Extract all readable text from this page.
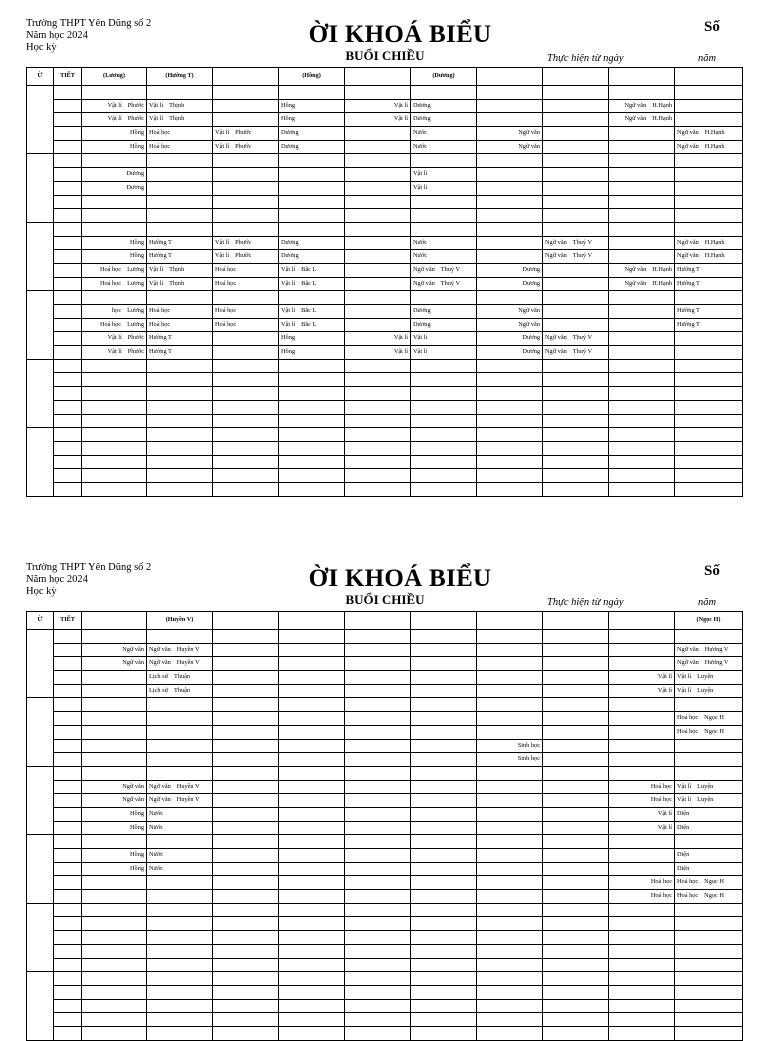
Trường THPT Yên Dũng số 2
Năm học 2024
Học kỳ	ỜI KHOÁ BIỂU
BUỔI CHIỀU
Số
Thực hiện từ ngày	năm
Ừ	TIẾT	(Lương)	(Hường T)		(Hồng)		(Dương)					

		Vật lí Phước	Vật lí Thịnh		Hồng	Vật lí	Dương			Ngữ văn H.Hạnh		
		Vật lí Phước	Vật lí Thịnh		Hồng	Vật lí	Dương			Ngữ văn H.Hạnh		
		Hồng	Hoá học	Vật lí Phước	Dương		Nước	Ngữ văn			Ngữ văn H.Hạnh	
		Hồng	Hoá học	Vật lí Phước	Dương		Nước	Ngữ văn			Ngữ văn H.Hạnh	

		Dương					Vật lí					
		Dương					Vật lí					

		Hồng	Hường T	Vật lí Phước	Dương		Nước		Ngữ văn Thuý V		Ngữ văn H.Hạnh	
		Hồng	Hường T	Vật lí Phước	Dương		Nước		Ngữ văn Thuý V		Ngữ văn H.Hạnh	
		Hoá học Lương	Vật lí Thịnh	Hoá học	Vật lí Bắc L		Ngữ văn Thuý V	Dương		Ngữ văn H.Hạnh	Hường T	
		Hoá học Lương	Vật lí Thịnh	Hoá học	Vật lí Bắc L		Ngữ văn Thuý V	Dương		Ngữ văn H.Hạnh	Hường T	

		học Lương	Hoá học	Hoá học	Vật lí Bắc L		Dương	Ngữ văn			Hường T	
		Hoá học Lương	Hoá học	Hoá học	Vật lí Bắc L		Dương	Ngữ văn			Hường T	
		Vật lí Phước	Hường T		Hồng	Vật lí	Vật lí	Dương	Ngữ văn Thuý V			
		Vật lí Phước	Hường T		Hồng	Vật lí	Vật lí	Dương	Ngữ văn Thuý V			

Trường THPT Yên Dũng số 2
Năm học 2024
Học kỳ	ỜI KHOÁ BIỂU
BUỔI CHIỀU
Số
Thực hiện từ ngày	năm
Ừ	TIẾT		(Huyền V)								(Ngọc H)	

		Ngữ văn	Ngữ văn Huyền V								Ngữ văn Hương V	
		Ngữ văn	Ngữ văn Huyền V								Ngữ văn Hương V	
			Lịch sử Thuận							Vật lí	Vật lí Luyện	
			Lịch sử Thuận							Vật lí	Vật lí Luyện	

											Hoá học Ngọc H	
											Hoá học Ngọc H	
								Sinh học				
								Sinh học				

		Ngữ văn	Ngữ văn Huyền V							Hoá học	Vật lí Luyện	
		Ngữ văn	Ngữ văn Huyền V							Hoá học	Vật lí Luyện	
		Hồng	Nước							Vật lí	Diện	
		Hồng	Nước							Vật lí	Diện	

		Hồng	Nước								Diện	
		Hồng	Nước								Diện	
										Hoá học	Hoá học Ngọc H	
										Hoá học	Hoá học Ngọc H	
